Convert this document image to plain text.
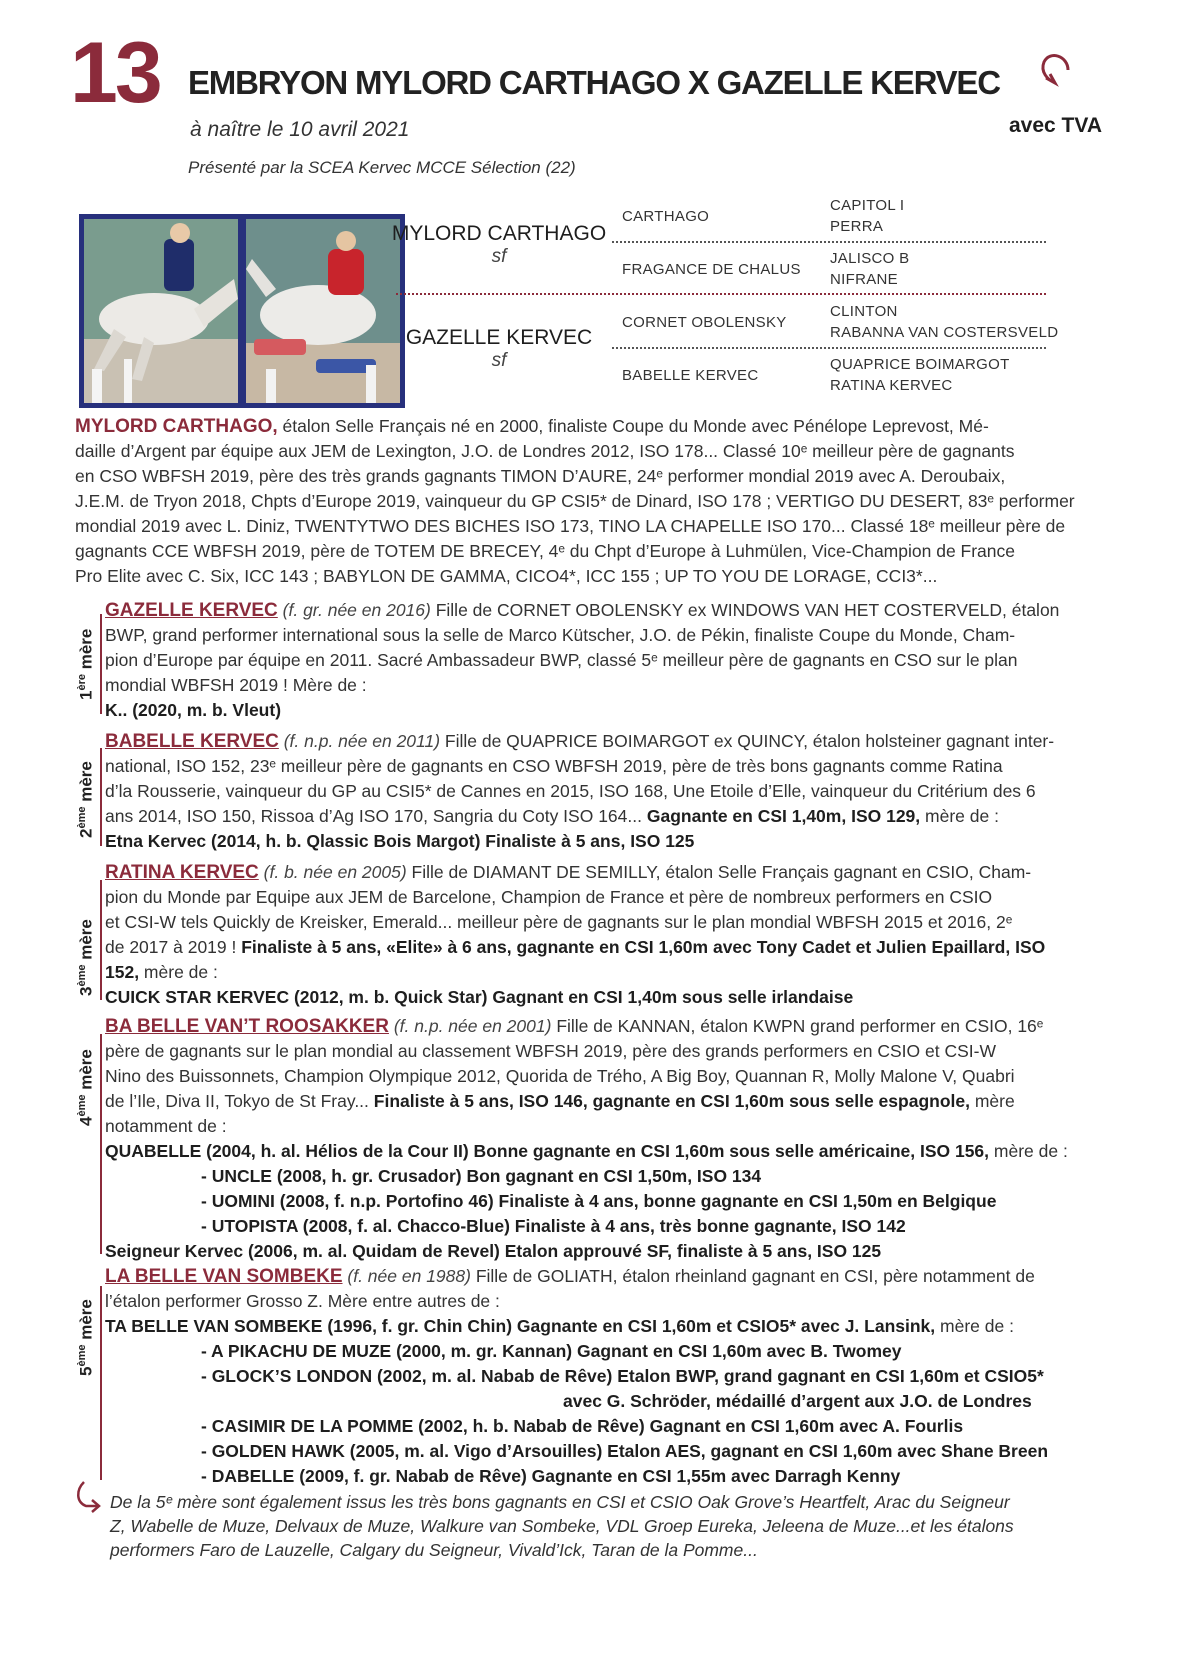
13 EMBRYON MYLORD CARTHAGO X GAZELLE KERVEC
avec TVA
à naître le 10 avril 2021
Présenté par la SCEA Kervec MCCE Sélection (22)
MYLORD CARTHAGO
sf
GAZELLE KERVEC
sf
CARTHAGO
FRAGANCE DE CHALUS
CORNET OBOLENSKY
BABELLE KERVEC
CAPITOL I
PERRA
JALISCO B
NIFRANE
CLINTON
RABANNA VAN COSTERSVELD
QUAPRICE BOIMARGOT
RATINA KERVEC
MYLORD CARTHAGO, étalon Selle Français né en 2000, finaliste Coupe du Monde avec Pénélope Leprevost, Mé-
daille d’Argent par équipe aux JEM de Lexington, J.O. de Londres 2012, ISO 178... Classé 10ᵉ meilleur père de gagnants
en CSO WBFSH 2019, père des très grands gagnants TIMON D’AURE, 24ᵉ performer mondial 2019 avec A. Deroubaix,
J.E.M. de Tryon 2018, Chpts d’Europe 2019, vainqueur du GP CSI5* de Dinard, ISO 178 ; VERTIGO DU DESERT, 83ᵉ performer
mondial 2019 avec L. Diniz, TWENTYTWO DES BICHES ISO 173, TINO LA CHAPELLE ISO 170... Classé 18ᵉ meilleur père de
gagnants CCE WBFSH 2019, père de TOTEM DE BRECEY, 4ᵉ du Chpt d’Europe à Luhmülen, Vice-Champion de France
Pro Elite avec C. Six, ICC 143 ; BABYLON DE GAMMA, CICO4*, ICC 155 ; UP TO YOU DE LORAGE, CCI3*...
1ère mère
GAZELLE KERVEC (f. gr. née en 2016) Fille de CORNET OBOLENSKY ex WINDOWS VAN HET COSTERVELD, étalon
BWP, grand performer international sous la selle de Marco Kütscher, J.O. de Pékin, finaliste Coupe du Monde, Cham-
pion d’Europe par équipe en 2011. Sacré Ambassadeur BWP, classé 5ᵉ meilleur père de gagnants en CSO sur le plan
mondial WBFSH 2019 ! Mère de :
K.. (2020, m. b. Vleut)
2ème mère
BABELLE KERVEC (f. n.p. née en 2011) Fille de QUAPRICE BOIMARGOT ex QUINCY, étalon holsteiner gagnant inter-
national, ISO 152, 23ᵉ meilleur père de gagnants en CSO WBFSH 2019, père de très bons gagnants comme Ratina
d’la Rousserie, vainqueur du GP au CSI5* de Cannes en 2015, ISO 168, Une Etoile d’Elle, vainqueur du Critérium des 6
ans 2014, ISO 150, Rissoa d’Ag ISO 170, Sangria du Coty ISO 164... Gagnante en CSI 1,40m, ISO 129, mère de :
Etna Kervec (2014, h. b. Qlassic Bois Margot) Finaliste à 5 ans, ISO 125
3ème mère
RATINA KERVEC (f. b. née en 2005) Fille de DIAMANT DE SEMILLY, étalon Selle Français gagnant en CSIO, Cham-
pion du Monde par Equipe aux JEM de Barcelone, Champion de France et père de nombreux performers en CSIO
et CSI-W tels Quickly de Kreisker, Emerald... meilleur père de gagnants sur le plan mondial WBFSH 2015 et 2016, 2ᵉ
de 2017 à 2019 ! Finaliste à 5 ans, «Elite» à 6 ans, gagnante en CSI 1,60m avec Tony Cadet et Julien Epaillard, ISO
152, mère de :
CUICK STAR KERVEC (2012, m. b. Quick Star) Gagnant en CSI 1,40m sous selle irlandaise
4ème mère
BA BELLE VAN’T ROOSAKKER (f. n.p. née en 2001) Fille de KANNAN, étalon KWPN grand performer en CSIO, 16ᵉ
père de gagnants sur le plan mondial au classement WBFSH 2019, père des grands performers en CSIO et CSI-W
Nino des Buissonnets, Champion Olympique 2012, Quorida de Trého, A Big Boy, Quannan R, Molly Malone V, Quabri
de l’Ile, Diva II, Tokyo de St Fray... Finaliste à 5 ans, ISO 146, gagnante en CSI 1,60m sous selle espagnole, mère
notamment de :
QUABELLE (2004, h. al. Hélios de la Cour II) Bonne gagnante en CSI 1,60m sous selle américaine, ISO 156, mère de :
- UNCLE (2008, h. gr. Crusador) Bon gagnant en CSI 1,50m, ISO 134
- UOMINI (2008, f. n.p. Portofino 46) Finaliste à 4 ans, bonne gagnante en CSI 1,50m en Belgique
- UTOPISTA (2008, f. al. Chacco-Blue) Finaliste à 4 ans, très bonne gagnante, ISO 142
Seigneur Kervec (2006, m. al. Quidam de Revel) Etalon approuvé SF, finaliste à 5 ans, ISO 125
5ème mère
LA BELLE VAN SOMBEKE (f. née en 1988) Fille de GOLIATH, étalon rheinland gagnant en CSI, père notamment de
l’étalon performer Grosso Z. Mère entre autres de :
TA BELLE VAN SOMBEKE (1996, f. gr. Chin Chin) Gagnante en CSI 1,60m et CSIO5* avec J. Lansink, mère de :
- A PIKACHU DE MUZE (2000, m. gr. Kannan) Gagnant en CSI 1,60m avec B. Twomey
- GLOCK’S LONDON (2002, m. al. Nabab de Rêve) Etalon BWP, grand gagnant en CSI 1,60m et CSIO5*
avec G. Schröder, médaillé d’argent aux J.O. de Londres
- CASIMIR DE LA POMME (2002, h. b. Nabab de Rêve) Gagnant en CSI 1,60m avec A. Fourlis
- GOLDEN HAWK (2005, m. al. Vigo d’Arsouilles) Etalon AES, gagnant en CSI 1,60m avec Shane Breen
- DABELLE (2009, f. gr. Nabab de Rêve) Gagnante en CSI 1,55m avec Darragh Kenny
De la 5ᵉ mère sont également issus les très bons gagnants en CSI et CSIO Oak Grove’s Heartfelt, Arac du Seigneur
Z, Wabelle de Muze, Delvaux de Muze, Walkure van Sombeke, VDL Groep Eureka, Jeleena de Muze...et les étalons
performers Faro de Lauzelle, Calgary du Seigneur, Vivald’Ick, Taran de la Pomme...
